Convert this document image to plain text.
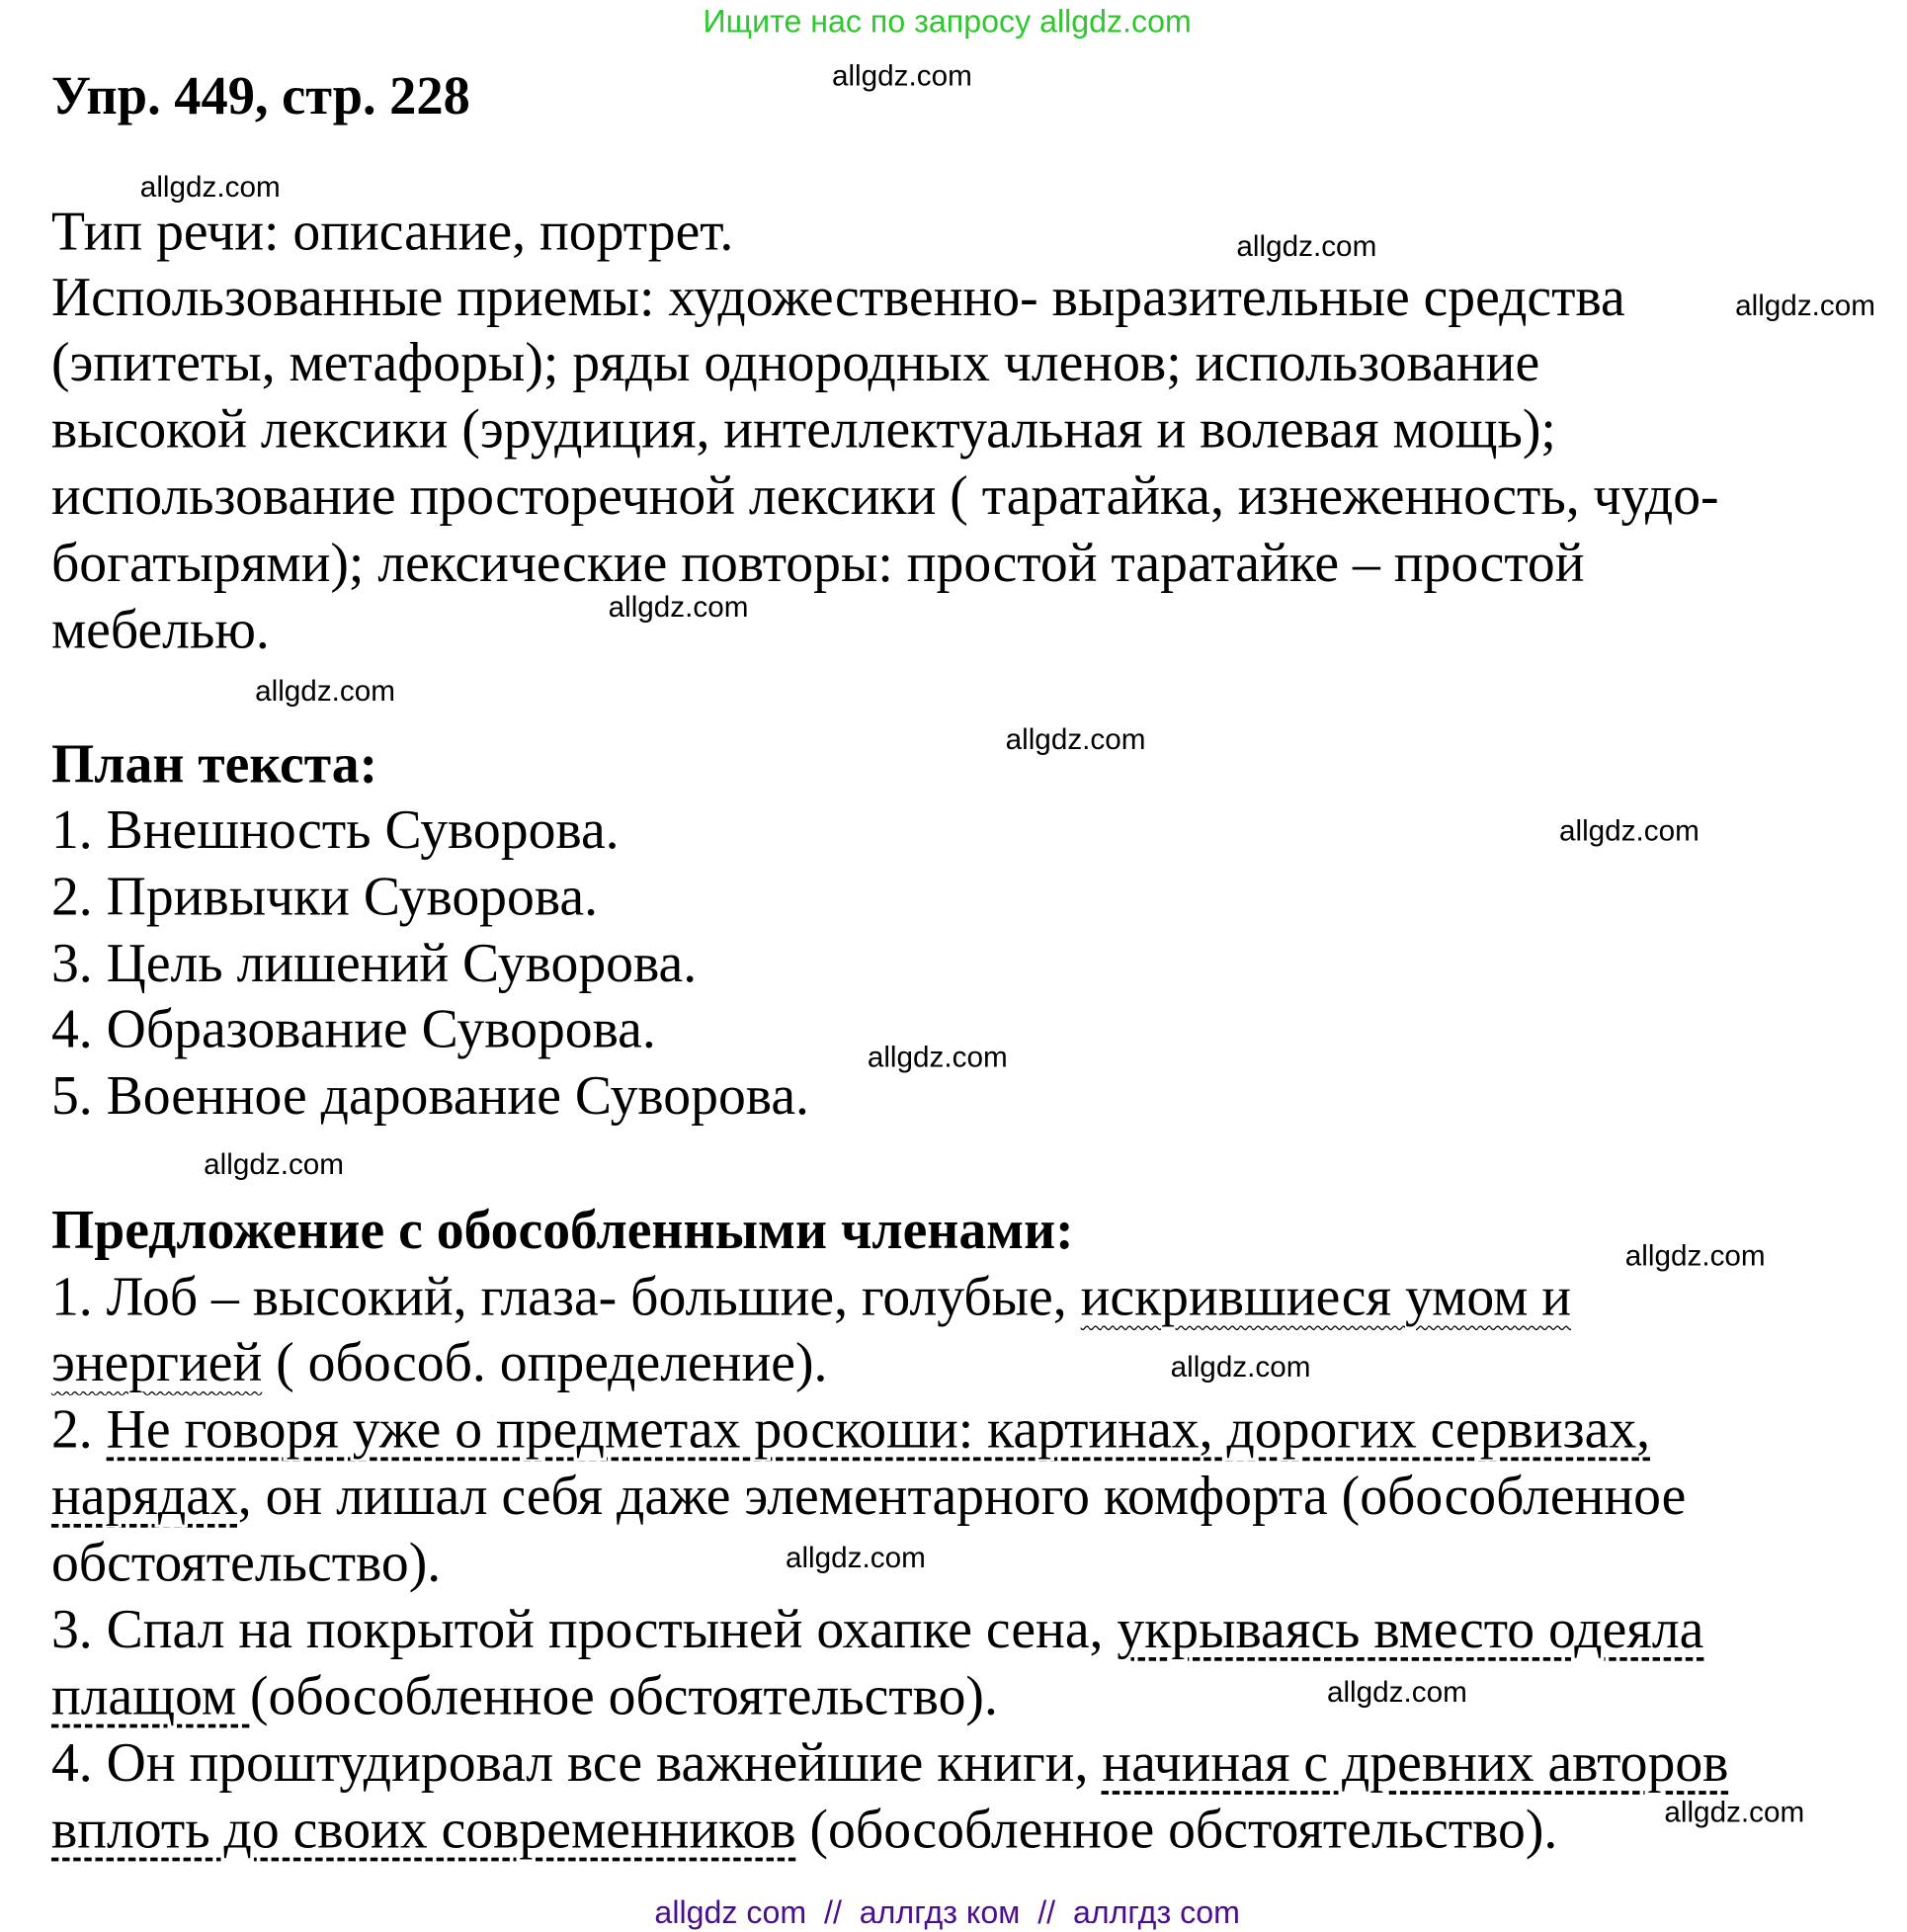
Ищите нас по запросу allgdz.com
Упр. 449, стр. 228
Тип речи: описание, портрет.
Использованные приемы: художественно- выразительные средства
(эпитеты, метафоры); ряды однородных членов; использование
высокой лексики (эрудиция, интеллектуальная и волевая мощь);
использование просторечной лексики ( таратайка, изнеженность, чудо-
богатырями); лексические повторы: простой таратайке – простой
мебелью.
План текста:
1. Внешность Суворова.
2. Привычки Суворова.
3. Цель лишений Суворова.
4. Образование Суворова.
5. Военное дарование Суворова.
Предложение с обособленными членами:
1. Лоб – высокий, глаза- большие, голубые, искрившиеся умом и
энергией ( обособ. определение).
2. Не говоря уже о предметах роскоши: картинах, дорогих сервизах,
нарядах, он лишал себя даже элементарного комфорта (обособленное
обстоятельство).
3. Спал на покрытой простыней охапке сена, укрываясь вместо одеяла
плащом (обособленное обстоятельство).
4. Он проштудировал все важнейшие книги, начиная с древних авторов
вплоть до своих современников (обособленное обстоятельство).
allgdz.com
allgdz.com
allgdz.com
allgdz.com
allgdz.com
allgdz.com
allgdz.com
allgdz.com
allgdz.com
allgdz.com
allgdz.com
allgdz.com
allgdz.com
allgdz.com
allgdz.com
allgdz com  //  аллгдз ком  //  аллгдз com
